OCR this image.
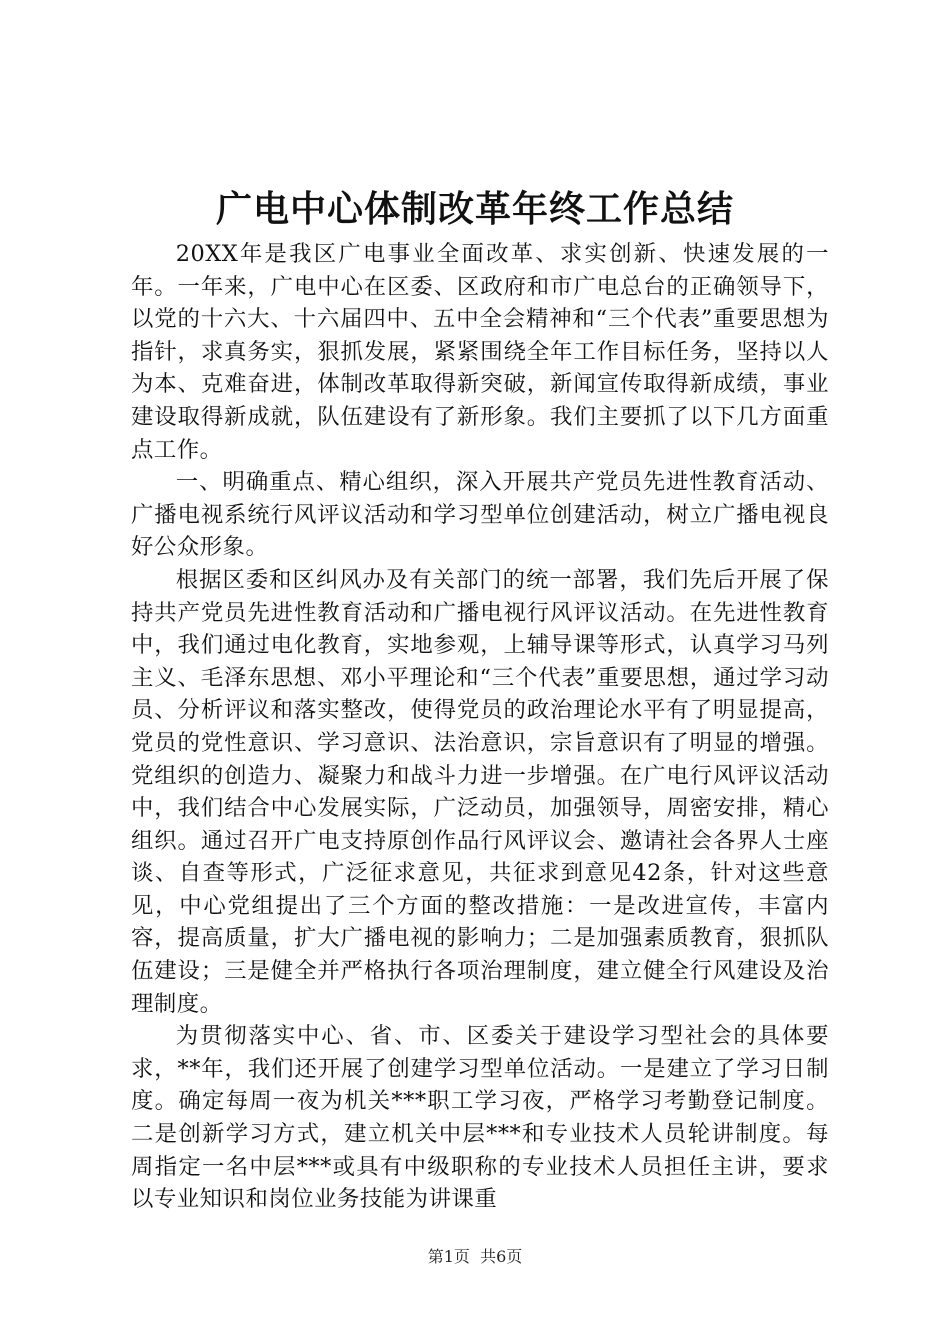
广电中心体制改革年终工作总结

20XX年是我区广电事业全面改革、求实创新、快速发展的一年。一年来，广电中心在区委、区政府和市广电总台的正确领导下，以党的十六大、十六届四中、五中全会精神和“三个代表”重要思想为指针，求真务实，狠抓发展，紧紧围绕全年工作目标任务，坚持以人为本、克难奋进，体制改革取得新突破，新闻宣传取得新成绩，事业建设取得新成就，队伍建设有了新形象。我们主要抓了以下几方面重点工作。

一、明确重点、精心组织，深入开展共产党员先进性教育活动、广播电视系统行风评议活动和学习型单位创建活动，树立广播电视良好公众形象。

根据区委和区纠风办及有关部门的统一部署，我们先后开展了保持共产党员先进性教育活动和广播电视行风评议活动。在先进性教育中，我们通过电化教育，实地参观，上辅导课等形式，认真学习马列主义、毛泽东思想、邓小平理论和“三个代表”重要思想，通过学习动员、分析评议和落实整改，使得党员的政治理论水平有了明显提高，党员的党性意识、学习意识、法治意识，宗旨意识有了明显的增强。党组织的创造力、凝聚力和战斗力进一步增强。在广电行风评议活动中，我们结合中心发展实际，广泛动员，加强领导，周密安排，精心组织。通过召开广电支持原创作品行风评议会、邀请社会各界人士座谈、自查等形式，广泛征求意见，共征求到意见42条，针对这些意见，中心党组提出了三个方面的整改措施：一是改进宣传，丰富内容，提高质量，扩大广播电视的影响力；二是加强素质教育，狠抓队伍建设；三是健全并严格执行各项治理制度，建立健全行风建设及治理制度。

为贯彻落实中心、省、市、区委关于建设学习型社会的具体要求，**年，我们还开展了创建学习型单位活动。一是建立了学习日制度。确定每周一夜为机关***职工学习夜，严格学习考勤登记制度。二是创新学习方式，建立机关中层***和专业技术人员轮讲制度。每周指定一名中层***或具有中级职称的专业技术人员担任主讲，要求以专业知识和岗位业务技能为讲课重

第1页  共6页
